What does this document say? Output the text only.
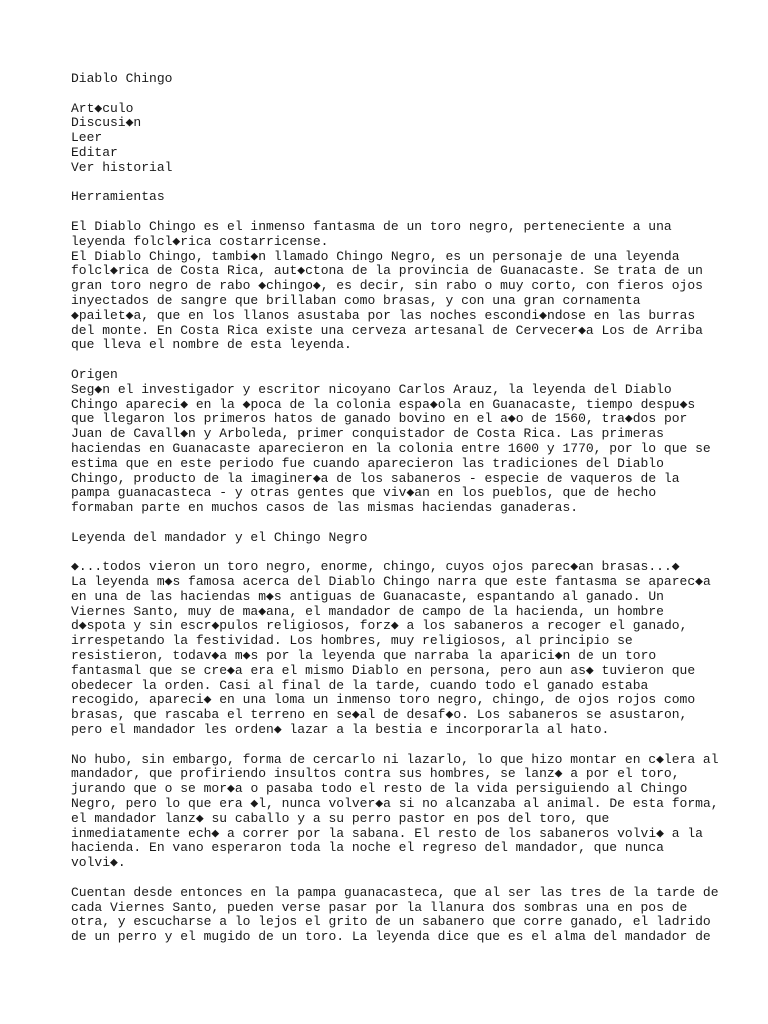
Diablo Chingo
Art◆culo
Discusi◆n
Leer
Editar
Ver historial
Herramientas
El Diablo Chingo es el inmenso fantasma de un toro negro, perteneciente a una
leyenda folcl◆rica costarricense.
El Diablo Chingo, tambi◆n llamado Chingo Negro, es un personaje de una leyenda
folcl◆rica de Costa Rica, aut◆ctona de la provincia de Guanacaste. Se trata de un
gran toro negro de rabo ◆chingo◆, es decir, sin rabo o muy corto, con fieros ojos
inyectados de sangre que brillaban como brasas, y con una gran cornamenta
◆pailet◆a, que en los llanos asustaba por las noches escondi◆ndose en las burras
del monte. En Costa Rica existe una cerveza artesanal de Cervecer◆a Los de Arriba
que lleva el nombre de esta leyenda.
Origen
Seg◆n el investigador y escritor nicoyano Carlos Arauz, la leyenda del Diablo
Chingo apareci◆ en la ◆poca de la colonia espa◆ola en Guanacaste, tiempo despu◆s
que llegaron los primeros hatos de ganado bovino en el a◆o de 1560, tra◆dos por
Juan de Cavall◆n y Arboleda, primer conquistador de Costa Rica. Las primeras
haciendas en Guanacaste aparecieron en la colonia entre 1600 y 1770, por lo que se
estima que en este periodo fue cuando aparecieron las tradiciones del Diablo
Chingo, producto de la imaginer◆a de los sabaneros - especie de vaqueros de la
pampa guanacasteca - y otras gentes que viv◆an en los pueblos, que de hecho
formaban parte en muchos casos de las mismas haciendas ganaderas.
Leyenda del mandador y el Chingo Negro
◆...todos vieron un toro negro, enorme, chingo, cuyos ojos parec◆an brasas...◆
La leyenda m◆s famosa acerca del Diablo Chingo narra que este fantasma se aparec◆a
en una de las haciendas m◆s antiguas de Guanacaste, espantando al ganado. Un
Viernes Santo, muy de ma◆ana, el mandador de campo de la hacienda, un hombre
d◆spota y sin escr◆pulos religiosos, forz◆ a los sabaneros a recoger el ganado,
irrespetando la festividad. Los hombres, muy religiosos, al principio se
resistieron, todav◆a m◆s por la leyenda que narraba la aparici◆n de un toro
fantasmal que se cre◆a era el mismo Diablo en persona, pero aun as◆ tuvieron que
obedecer la orden. Casi al final de la tarde, cuando todo el ganado estaba
recogido, apareci◆ en una loma un inmenso toro negro, chingo, de ojos rojos como
brasas, que rascaba el terreno en se◆al de desaf◆o. Los sabaneros se asustaron,
pero el mandador les orden◆ lazar a la bestia e incorporarla al hato.
No hubo, sin embargo, forma de cercarlo ni lazarlo, lo que hizo montar en c◆lera al
mandador, que profiriendo insultos contra sus hombres, se lanz◆ a por el toro,
jurando que o se mor◆a o pasaba todo el resto de la vida persiguiendo al Chingo
Negro, pero lo que era ◆l, nunca volver◆a si no alcanzaba al animal. De esta forma,
el mandador lanz◆ su caballo y a su perro pastor en pos del toro, que
inmediatamente ech◆ a correr por la sabana. El resto de los sabaneros volvi◆ a la
hacienda. En vano esperaron toda la noche el regreso del mandador, que nunca
volvi◆.
Cuentan desde entonces en la pampa guanacasteca, que al ser las tres de la tarde de
cada Viernes Santo, pueden verse pasar por la llanura dos sombras una en pos de
otra, y escucharse a lo lejos el grito de un sabanero que corre ganado, el ladrido
de un perro y el mugido de un toro. La leyenda dice que es el alma del mandador de
